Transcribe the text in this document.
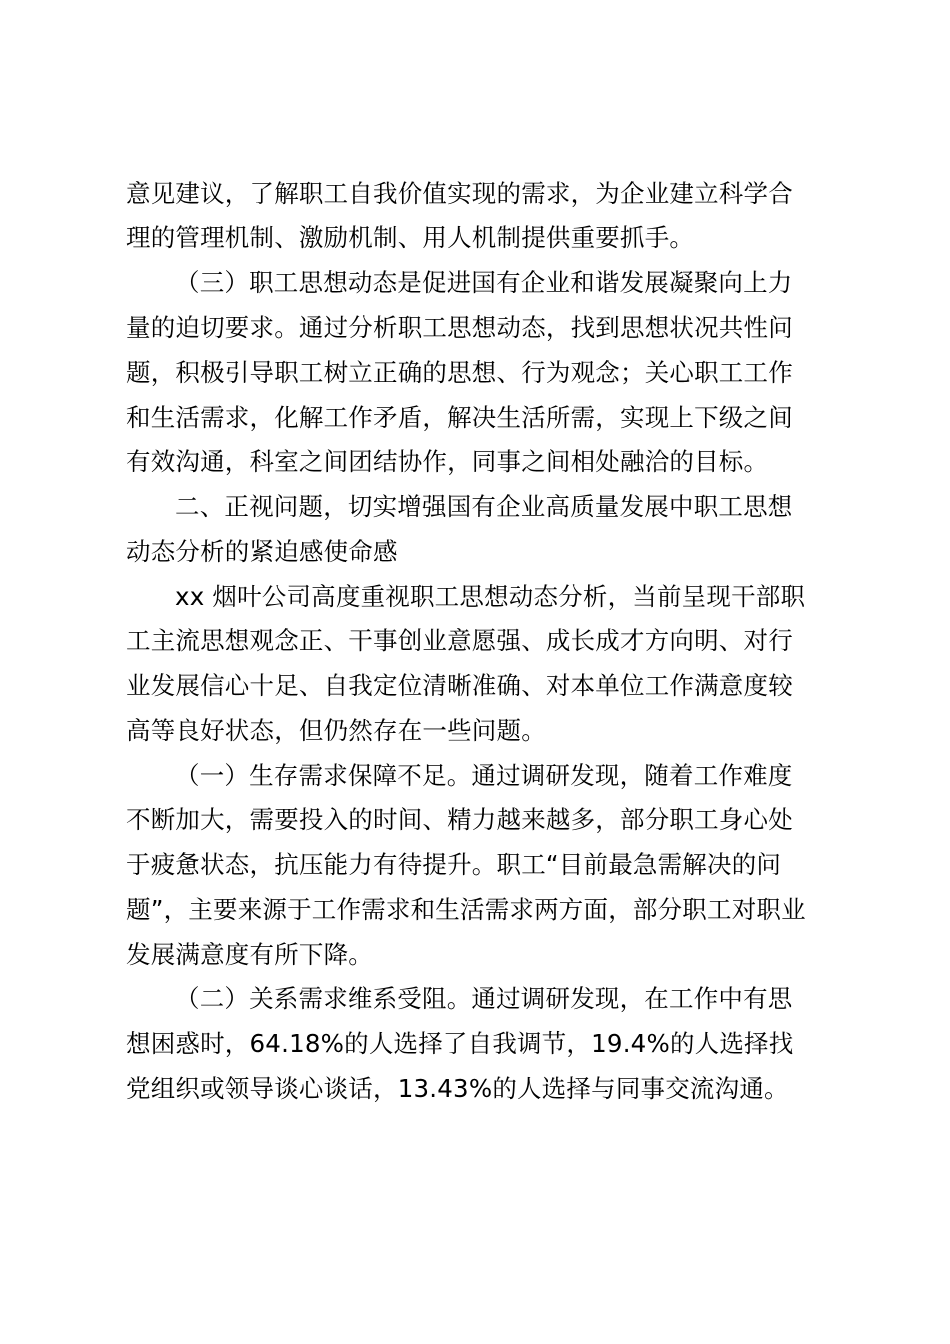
意见建议，了解职工自我价值实现的需求，为企业建立科学合
理的管理机制、激励机制、用人机制提供重要抓手。
（三）职工思想动态是促进国有企业和谐发展凝聚向上力
量的迫切要求。通过分析职工思想动态，找到思想状况共性问
题，积极引导职工树立正确的思想、行为观念；关心职工工作
和生活需求，化解工作矛盾，解决生活所需，实现上下级之间
有效沟通，科室之间团结协作，同事之间相处融洽的目标。
二、正视问题，切实增强国有企业高质量发展中职工思想
动态分析的紧迫感使命感
xx 烟叶公司高度重视职工思想动态分析，当前呈现干部职
工主流思想观念正、干事创业意愿强、成长成才方向明、对行
业发展信心十足、自我定位清晰准确、对本单位工作满意度较
高等良好状态，但仍然存在一些问题。
（一）生存需求保障不足。通过调研发现，随着工作难度
不断加大，需要投入的时间、精力越来越多，部分职工身心处
于疲惫状态，抗压能力有待提升。职工“目前最急需解决的问
题”，主要来源于工作需求和生活需求两方面，部分职工对职业
发展满意度有所下降。
（二）关系需求维系受阻。通过调研发现，在工作中有思
想困惑时，64.18%的人选择了自我调节，19.4%的人选择找
党组织或领导谈心谈话，13.43%的人选择与同事交流沟通。
